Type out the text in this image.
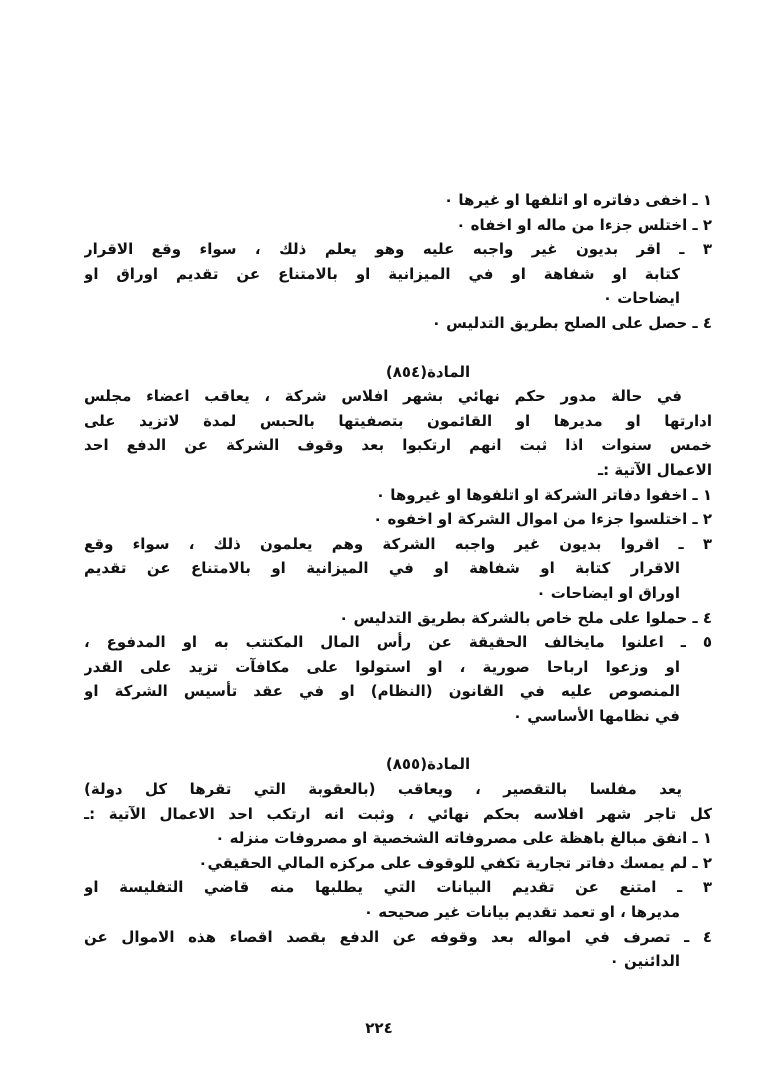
١ ـ اخفى دفاتره او اتلفها او غيرها ٠
٢ ـ اختلس جزءا من ماله او اخفاه ٠
٣ ـ اقر بديون غير واجبه عليه وهو يعلم ذلك ، سواء وقع الاقرار
كتابة او شفاهة او في الميزانية او بالامتناع عن تقديم اوراق او
ايضاحات ٠
٤ ـ حصل على الصلح بطريق التدليس ٠
المادة(٨٥٤)
في حالة مدور حكم نهائي بشهر افلاس شركة ، يعاقب اعضاء مجلس
ادارتها او مديرها او القائمون بتصفيتها بالحبس لمدة لاتزيد على
خمس سنوات اذا ثبت انهم ارتكبوا بعد وقوف الشركة عن الدفع احد
الاعمال الآتية :ـ
١ ـ اخفوا دفاتر الشركة او اتلفوها او غيروها ٠
٢ ـ اختلسوا جزءا من اموال الشركة او اخفوه ٠
٣ ـ اقروا بديون غير واجبه الشركة وهم يعلمون ذلك ، سواء وقع
الاقرار كتابة او شفاهة او في الميزانية او بالامتناع عن تقديم
اوراق او ايضاحات ٠
٤ ـ حملوا على ملح خاص بالشركة بطريق التدليس ٠
٥ ـ اعلنوا مايخالف الحقيقة عن رأس المال المكتتب به او المدفوع ،
او وزعوا ارباحا صورية ، او استولوا على مكافآت تزيد على القدر
المنصوص عليه في القانون (النظام) او في عقد تأسيس الشركة او
في نظامها الأساسي ٠
المادة(٨٥٥)
يعد مفلسا بالتقصير ، ويعاقب (بالعقوبة التي تقرها كل دولة)
كل تاجر شهر افلاسه بحكم نهائي ، وثبت انه ارتكب احد الاعمال الآتية :ـ
١ ـ انفق مبالغ باهظة على مصروفاته الشخصية او مصروفات منزله ٠
٢ ـ لم يمسك دفاتر تجارية تكفي للوقوف على مركزه المالي الحقيقي٠
٣ ـ امتنع عن تقديم البيانات التي يطلبها منه قاضي التفليسة او
مديرها ، او تعمد تقديم بيانات غير صحيحه ٠
٤ ـ تصرف في امواله بعد وقوفه عن الدفع بقصد اقصاء هذه الاموال عن
الدائنين ٠
٢٢٤
